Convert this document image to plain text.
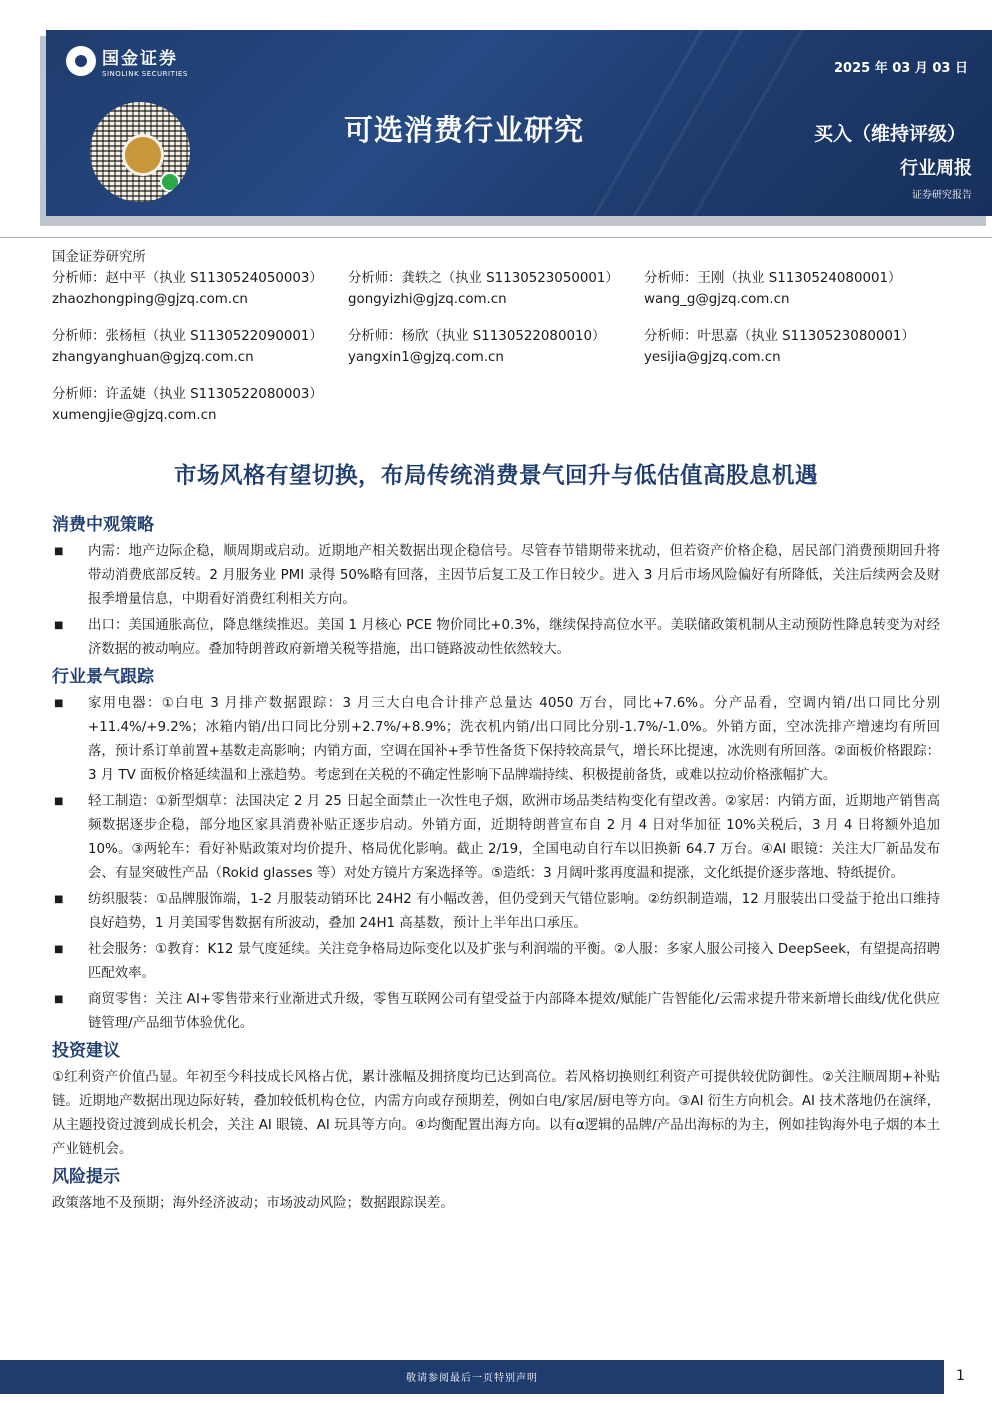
国金证券
SINOLINK SECURITIES	2025 年 03 月 03 日
可选消费行业研究	买入（维持评级）
行业周报
证券研究报告
国金证券研究所
分析师：赵中平（执业 S1130524050003）
zhaozhongping@gjzq.com.cn
分析师：龚轶之（执业 S1130523050001）
gongyizhi@gjzq.com.cn
分析师：王刚（执业 S1130524080001）
wang_g@gjzq.com.cn
分析师：张杨桓（执业 S1130522090001）
zhangyanghuan@gjzq.com.cn
分析师：杨欣（执业 S1130522080010）
yangxin1@gjzq.com.cn
分析师：叶思嘉（执业 S1130523080001）
yesijia@gjzq.com.cn
分析师：许孟婕（执业 S1130522080003）
xumengjie@gjzq.com.cn
市场风格有望切换，布局传统消费景气回升与低估值高股息机遇
消费中观策略
■ 内需：地产边际企稳，顺周期或启动。近期地产相关数据出现企稳信号。尽管春节错期带来扰动，但若资产价格企稳，居民部门消费预期回升将带动消费底部反转。2 月服务业 PMI 录得 50%略有回落，主因节后复工及工作日较少。进入 3 月后市场风险偏好有所降低，关注后续两会及财报季增量信息，中期看好消费红利相关方向。
■ 出口：美国通胀高位，降息继续推迟。美国 1 月核心 PCE 物价同比+0.3%，继续保持高位水平。美联储政策机制从主动预防性降息转变为对经济数据的被动响应。叠加特朗普政府新增关税等措施，出口链路波动性依然较大。
行业景气跟踪
■ 家用电器：①白电 3 月排产数据跟踪：3 月三大白电合计排产总量达 4050 万台，同比+7.6%。分产品看，空调内销/出口同比分别+11.4%/+9.2%；冰箱内销/出口同比分别+2.7%/+8.9%；洗衣机内销/出口同比分别-1.7%/-1.0%。外销方面，空冰洗排产增速均有所回落，预计系订单前置+基数走高影响；内销方面，空调在国补+季节性备货下保持较高景气，增长环比提速，冰洗则有所回落。②面板价格跟踪：3 月 TV 面板价格延续温和上涨趋势。考虑到在关税的不确定性影响下品牌端持续、积极提前备货，或难以拉动价格涨幅扩大。
■ 轻工制造：①新型烟草：法国决定 2 月 25 日起全面禁止一次性电子烟，欧洲市场品类结构变化有望改善。②家居：内销方面，近期地产销售高频数据逐步企稳，部分地区家具消费补贴正逐步启动。外销方面，近期特朗普宣布自 2 月 4 日对华加征 10%关税后，3 月 4 日将额外追加 10%。③两轮车：看好补贴政策对均价提升、格局优化影响。截止 2/19，全国电动自行车以旧换新 64.7 万台。④AI 眼镜：关注大厂新品发布会、有显突破性产品（Rokid glasses 等）对处方镜片方案选择等。⑤造纸：3 月阔叶浆再度温和提涨，文化纸提价逐步落地、特纸提价。
■ 纺织服装：①品牌服饰端，1-2 月服装动销环比 24H2 有小幅改善，但仍受到天气错位影响。②纺织制造端，12 月服装出口受益于抢出口维持良好趋势，1 月美国零售数据有所波动，叠加 24H1 高基数，预计上半年出口承压。
■ 社会服务：①教育：K12 景气度延续。关注竞争格局边际变化以及扩张与利润端的平衡。②人服：多家人服公司接入 DeepSeek，有望提高招聘匹配效率。
■ 商贸零售：关注 AI+零售带来行业渐进式升级，零售互联网公司有望受益于内部降本提效/赋能广告智能化/云需求提升带来新增长曲线/优化供应链管理/产品细节体验优化。
投资建议
①红利资产价值凸显。年初至今科技成长风格占优，累计涨幅及拥挤度均已达到高位。若风格切换则红利资产可提供较优防御性。②关注顺周期+补贴链。近期地产数据出现边际好转，叠加较低机构仓位，内需方向或存预期差，例如白电/家居/厨电等方向。③AI 衍生方向机会。AI 技术落地仍在演绎，从主题投资过渡到成长机会，关注 AI 眼镜、AI 玩具等方向。④均衡配置出海方向。以有α逻辑的品牌/产品出海标的为主，例如挂钩海外电子烟的本土产业链机会。
风险提示
政策落地不及预期；海外经济波动；市场波动风险；数据跟踪误差。
敬请参阅最后一页特别声明	1
